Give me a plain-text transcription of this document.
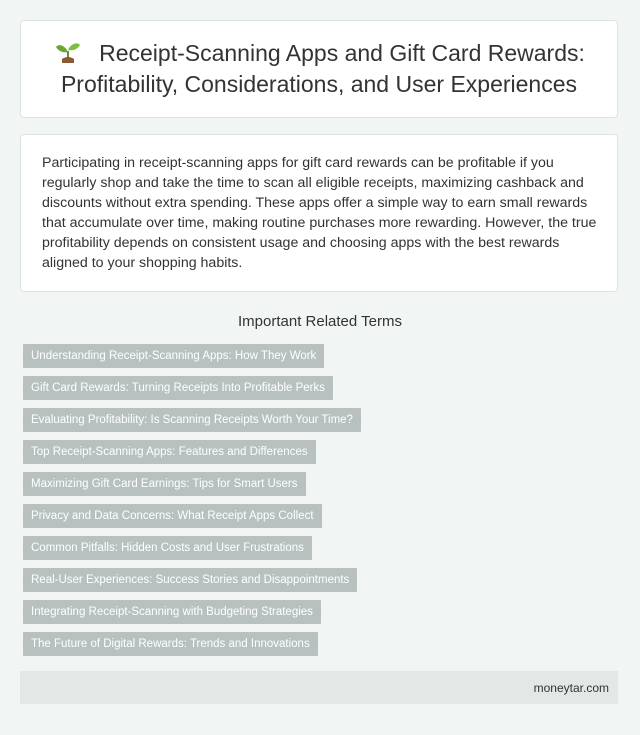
Receipt-Scanning Apps and Gift Card Rewards: Profitability, Considerations, and User Experiences

Participating in receipt-scanning apps for gift card rewards can be profitable if you regularly shop and take the time to scan all eligible receipts, maximizing cashback and discounts without extra spending. These apps offer a simple way to earn small rewards that accumulate over time, making routine purchases more rewarding. However, the true profitability depends on consistent usage and choosing apps with the best rewards aligned to your shopping habits.

Important Related Terms
Understanding Receipt-Scanning Apps: How They Work
Gift Card Rewards: Turning Receipts Into Profitable Perks
Evaluating Profitability: Is Scanning Receipts Worth Your Time?
Top Receipt-Scanning Apps: Features and Differences
Maximizing Gift Card Earnings: Tips for Smart Users
Privacy and Data Concerns: What Receipt Apps Collect
Common Pitfalls: Hidden Costs and User Frustrations
Real-User Experiences: Success Stories and Disappointments
Integrating Receipt-Scanning with Budgeting Strategies
The Future of Digital Rewards: Trends and Innovations
moneytar.com
